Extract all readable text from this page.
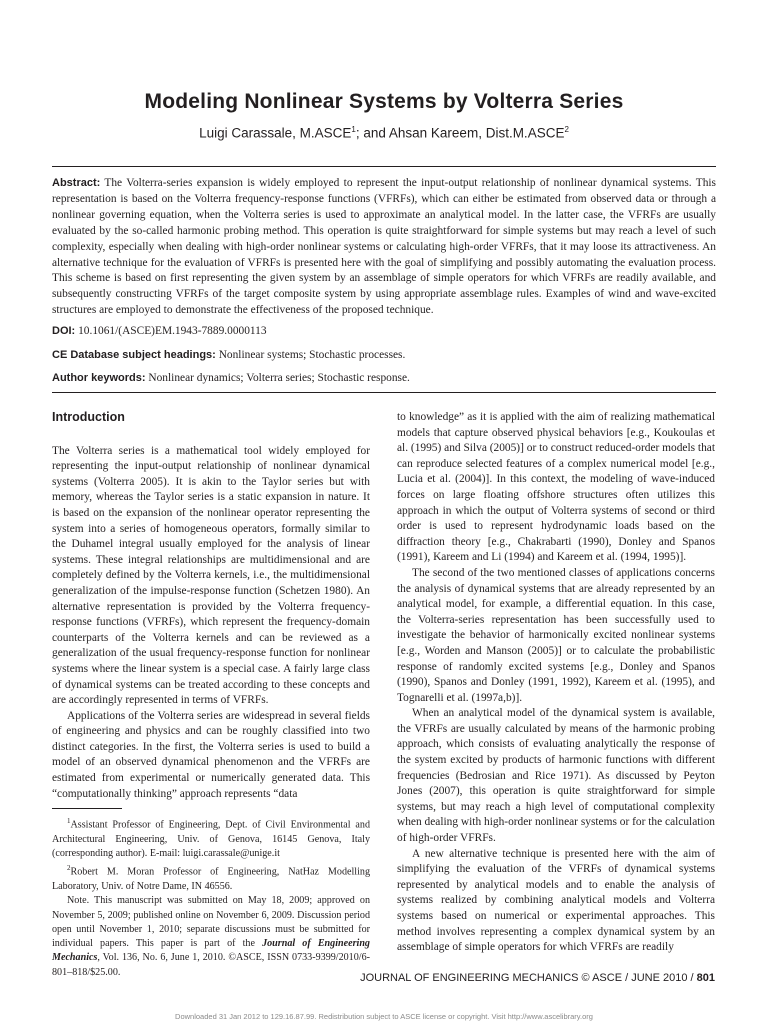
Modeling Nonlinear Systems by Volterra Series
Luigi Carassale, M.ASCE$^1$; and Ahsan Kareem, Dist.M.ASCE$^2$
Abstract: The Volterra-series expansion is widely employed to represent the input-output relationship of nonlinear dynamical systems. This representation is based on the Volterra frequency-response functions (VFRFs), which can either be estimated from observed data or through a nonlinear governing equation, when the Volterra series is used to approximate an analytical model. In the latter case, the VFRFs are usually evaluated by the so-called harmonic probing method. This operation is quite straightforward for simple systems but may reach a level of such complexity, especially when dealing with high-order nonlinear systems or calculating high-order VFRFs, that it may loose its attractiveness. An alternative technique for the evaluation of VFRFs is presented here with the goal of simplifying and possibly automating the evaluation process. This scheme is based on first representing the given system by an assemblage of simple operators for which VFRFs are readily available, and subsequently constructing VFRFs of the target composite system by using appropriate assemblage rules. Examples of wind and wave-excited structures are employed to demonstrate the effectiveness of the proposed technique.
DOI: 10.1061/(ASCE)EM.1943-7889.0000113
CE Database subject headings: Nonlinear systems; Stochastic processes.
Author keywords: Nonlinear dynamics; Volterra series; Stochastic response.
Introduction

The Volterra series is a mathematical tool widely employed for representing the input-output relationship of nonlinear dynamical systems (Volterra 2005). It is akin to the Taylor series but with memory, whereas the Taylor series is a static expansion in nature. It is based on the expansion of the nonlinear operator representing the system into a series of homogeneous operators, formally similar to the Duhamel integral usually employed for the analysis of linear systems. These integral relationships are multidimensional and are completely defined by the Volterra kernels, i.e., the multidimensional generalization of the impulse-response function (Schetzen 1980). An alternative representation is provided by the Volterra frequency-response functions (VFRFs), which represent the frequency-domain counterparts of the Volterra kernels and can be reviewed as a generalization of the usual frequency-response function for nonlinear systems where the linear system is a special case. A fairly large class of dynamical systems can be treated according to these concepts and are accordingly represented in terms of VFRFs.

Applications of the Volterra series are widespread in several fields of engineering and physics and can be roughly classified into two distinct categories. In the first, the Volterra series is used to build a model of an observed dynamical phenomenon and the VFRFs are estimated from experimental or numerically generated data. This “computationally thinking” approach represents “data

$^1$Assistant Professor of Engineering, Dept. of Civil Environmental and Architectural Engineering, Univ. of Genova, 16145 Genova, Italy (corresponding author). E-mail: luigi.carassale@unige.it

$^2$Robert M. Moran Professor of Engineering, NatHaz Modelling Laboratory, Univ. of Notre Dame, IN 46556.

Note. This manuscript was submitted on May 18, 2009; approved on November 5, 2009; published online on November 6, 2009. Discussion period open until November 1, 2010; separate discussions must be submitted for individual papers. This paper is part of the Journal of Engineering Mechanics, Vol. 136, No. 6, June 1, 2010. ©ASCE, ISSN 0733-9399/2010/6-801–818/$25.00.

to knowledge” as it is applied with the aim of realizing mathematical models that capture observed physical behaviors [e.g., Koukoulas et al. (1995) and Silva (2005)] or to construct reduced-order models that can reproduce selected features of a complex numerical model [e.g., Lucia et al. (2004)]. In this context, the modeling of wave-induced forces on large floating offshore structures often utilizes this approach in which the output of Volterra systems of second or third order is used to represent hydrodynamic loads based on the diffraction theory [e.g., Chakrabarti (1990), Donley and Spanos (1991), Kareem and Li (1994) and Kareem et al. (1994, 1995)].

The second of the two mentioned classes of applications concerns the analysis of dynamical systems that are already represented by an analytical model, for example, a differential equation. In this case, the Volterra-series representation has been successfully used to investigate the behavior of harmonically excited nonlinear systems [e.g., Worden and Manson (2005)] or to calculate the probabilistic response of randomly excited systems [e.g., Donley and Spanos (1990), Spanos and Donley (1991, 1992), Kareem et al. (1995), and Tognarelli et al. (1997a,b)].

When an analytical model of the dynamical system is available, the VFRFs are usually calculated by means of the harmonic probing approach, which consists of evaluating analytically the response of the system excited by products of harmonic functions with different frequencies (Bedrosian and Rice 1971). As discussed by Peyton Jones (2007), this operation is quite straightforward for simple systems, but may reach a high level of computational complexity when dealing with high-order nonlinear systems or for the calculation of high-order VFRFs.

A new alternative technique is presented here with the aim of simplifying the evaluation of the VFRFs of dynamical systems represented by analytical models and to enable the analysis of systems realized by combining analytical models and Volterra systems based on numerical or experimental approaches. This method involves representing a complex dynamical system by an assemblage of simple operators for which VFRFs are readily

JOURNAL OF ENGINEERING MECHANICS © ASCE / JUNE 2010 / 801
Downloaded 31 Jan 2012 to 129.16.87.99. Redistribution subject to ASCE license or copyright. Visit http://www.ascelibrary.org
